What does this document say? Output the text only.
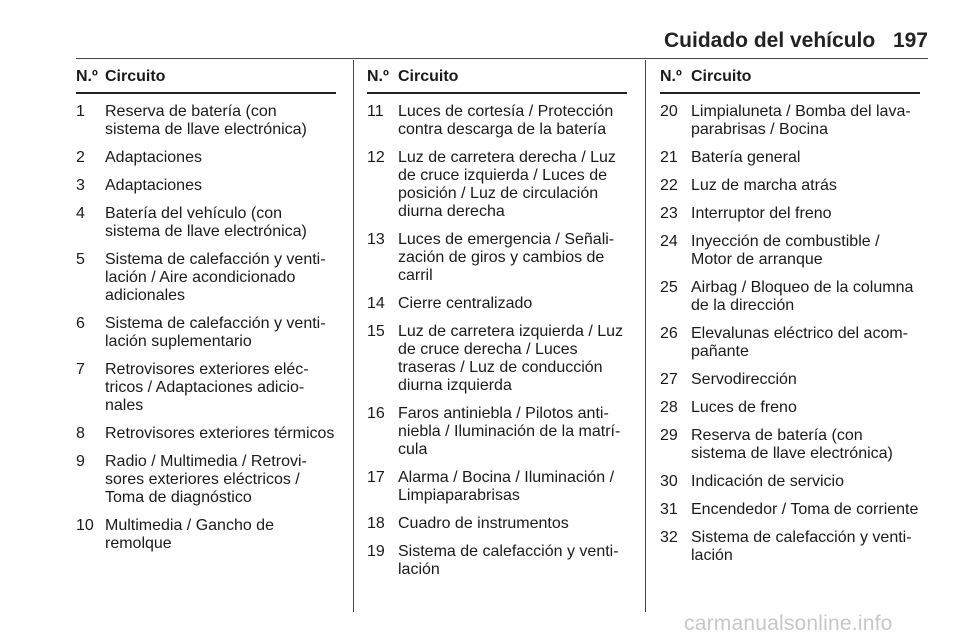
Cuidado del vehículo 197
N.º Circuito
1	Reserva de batería (con sistema de llave electrónica)
2	Adaptaciones
3	Adaptaciones
4	Batería del vehículo (con sistema de llave electrónica)
5	Sistema de calefacción y ventilación / Aire acondicionado adicionales
6	Sistema de calefacción y ventilación suplementario
7	Retrovisores exteriores eléctricos / Adaptaciones adicionales
8	Retrovisores exteriores térmicos
9	Radio / Multimedia / Retrovisores exteriores eléctricos / Toma de diagnóstico
10 Multimedia / Gancho de remolque
N.º Circuito
11 Luces de cortesía / Protección contra descarga de la batería
12 Luz de carretera derecha / Luz de cruce izquierda / Luces de posición / Luz de circulación diurna derecha
13 Luces de emergencia / Señalización de giros y cambios de carril
14 Cierre centralizado
15 Luz de carretera izquierda / Luz de cruce derecha / Luces traseras / Luz de conducción diurna izquierda
16 Faros antiniebla / Pilotos antiniebla / Iluminación de la matrícula
17 Alarma / Bocina / Iluminación / Limpiaparabrisas
18 Cuadro de instrumentos
19 Sistema de calefacción y ventilación
N.º Circuito
20 Limpialuneta / Bomba del lavaparabrisas / Bocina
21 Batería general
22 Luz de marcha atrás
23 Interruptor del freno
24 Inyección de combustible / Motor de arranque
25 Airbag / Bloqueo de la columna de la dirección
26 Elevalunas eléctrico del acompañante
27 Servodirección
28 Luces de freno
29 Reserva de batería (con sistema de llave electrónica)
30 Indicación de servicio
31 Encendedor / Toma de corriente
32 Sistema de calefacción y ventilación
carmanualsonline.info
